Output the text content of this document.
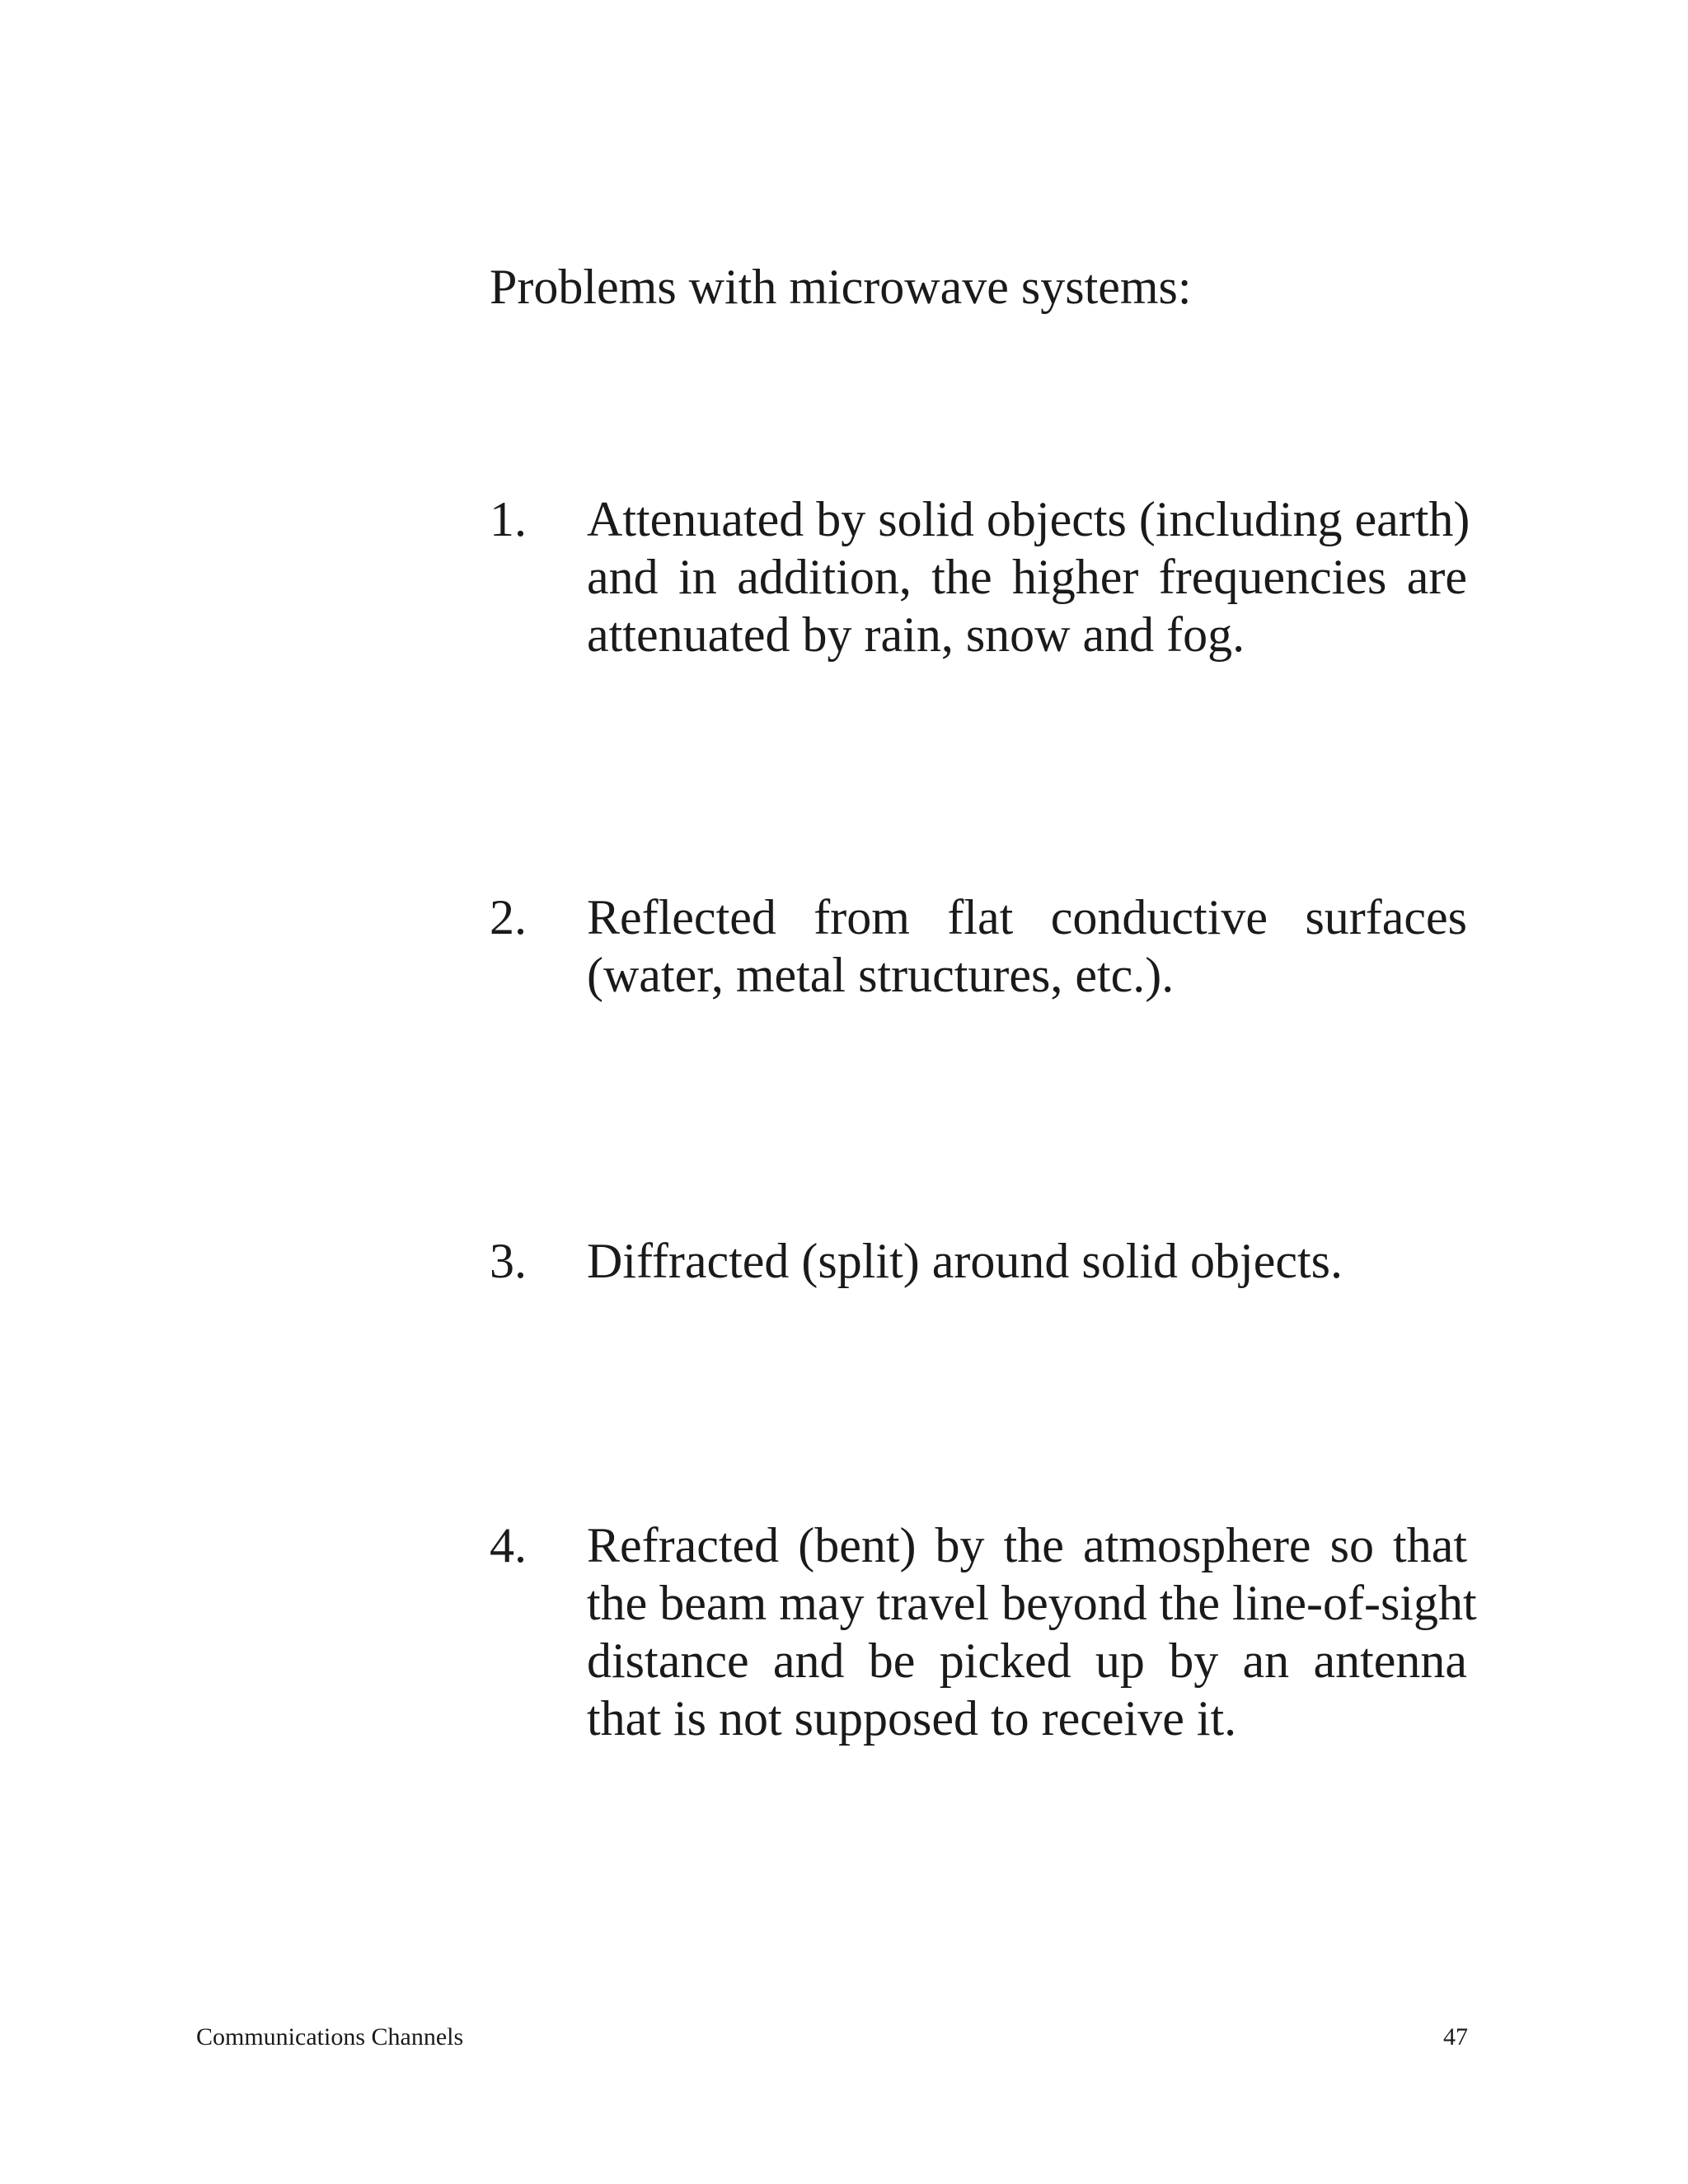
Problems with microwave systems:
1. Attenuated by solid objects (including earth)
and in addition, the higher frequencies are
attenuated by rain, snow and fog.
2. Reflected from flat conductive surfaces
(water, metal structures, etc.).
3. Diffracted (split) around solid objects.
4. Refracted (bent) by the atmosphere so that
the beam may travel beyond the line-of-sight
distance and be picked up by an antenna
that is not supposed to receive it.
Communications Channels	47
